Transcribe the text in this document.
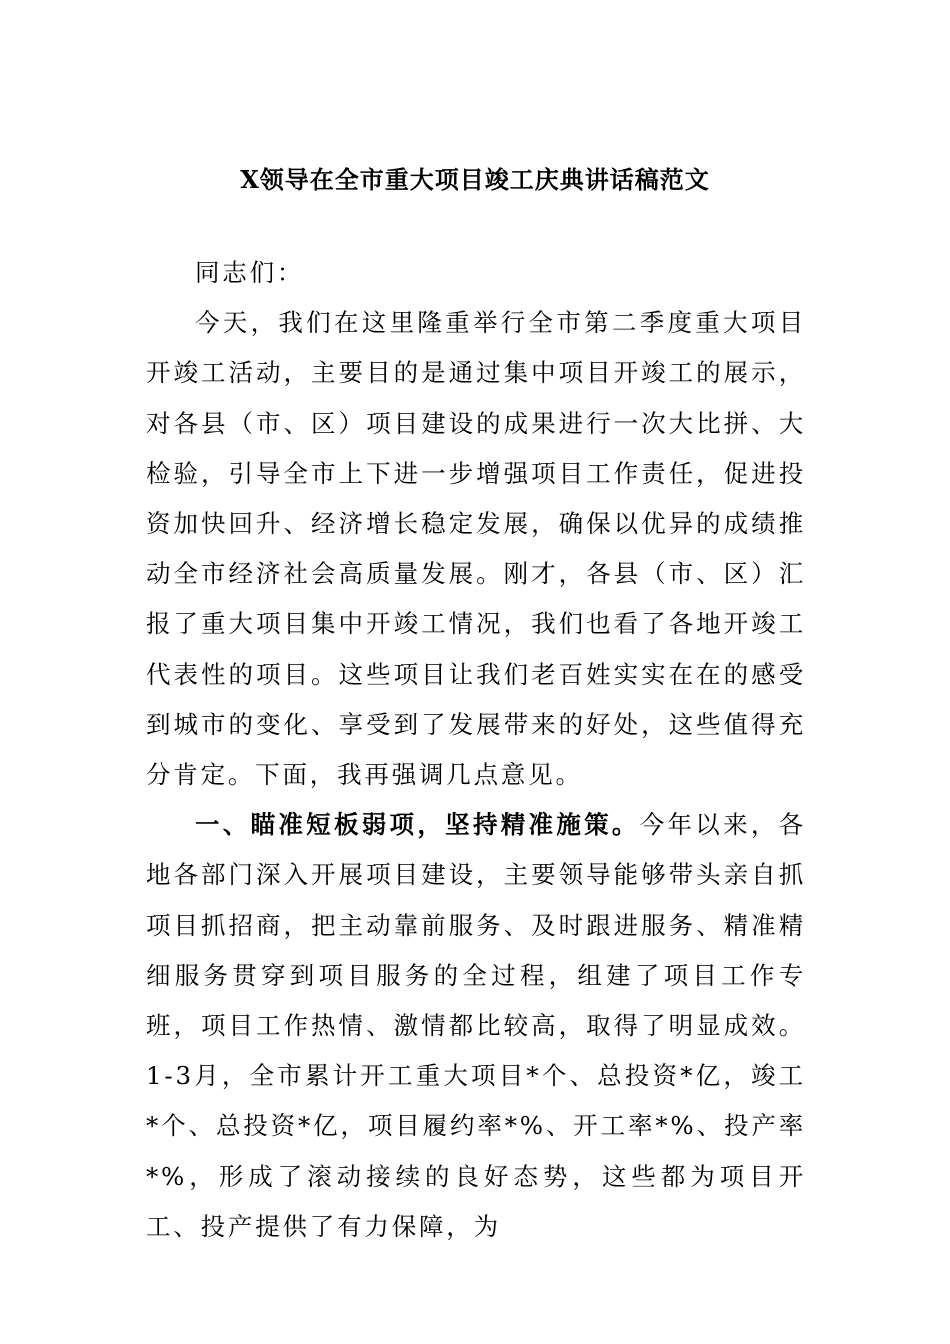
X领导在全市重大项目竣工庆典讲话稿范文

同志们：

今天，我们在这里隆重举行全市第二季度重大项目开竣工活动，主要目的是通过集中项目开竣工的展示，对各县（市、区）项目建设的成果进行一次大比拼、大检验，引导全市上下进一步增强项目工作责任，促进投资加快回升、经济增长稳定发展，确保以优异的成绩推动全市经济社会高质量发展。刚才，各县（市、区）汇报了重大项目集中开竣工情况，我们也看了各地开竣工代表性的项目。这些项目让我们老百姓实实在在的感受到城市的变化、享受到了发展带来的好处，这些值得充分肯定。下面，我再强调几点意见。

一、瞄准短板弱项，坚持精准施策。今年以来，各地各部门深入开展项目建设，主要领导能够带头亲自抓项目抓招商，把主动靠前服务、及时跟进服务、精准精细服务贯穿到项目服务的全过程，组建了项目工作专班，项目工作热情、激情都比较高，取得了明显成效。1-3月，全市累计开工重大项目*个、总投资*亿，竣工*个、总投资*亿，项目履约率*%、开工率*%、投产率*%，形成了滚动接续的良好态势，这些都为项目开工、投产提供了有力保障，为
